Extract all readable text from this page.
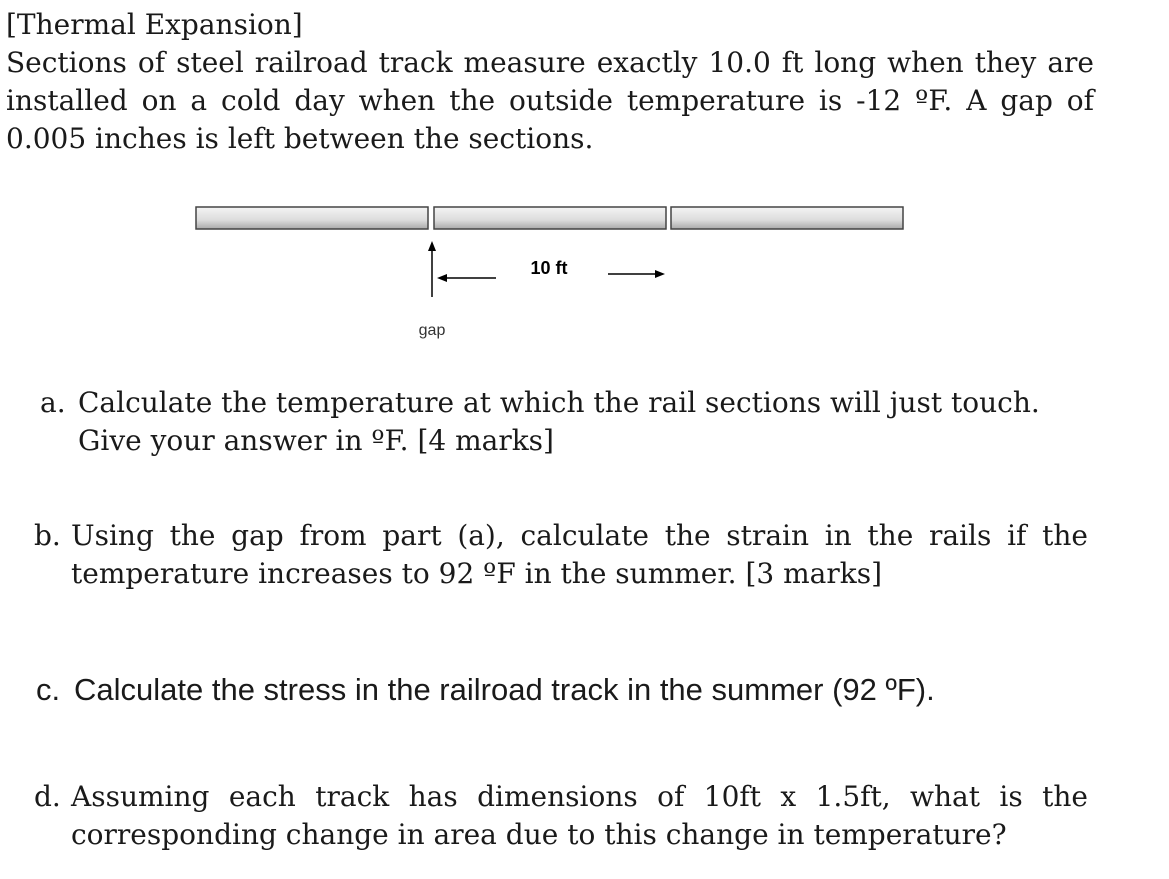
[Thermal Expansion]

Sections of steel railroad track measure exactly 10.0 ft long when they are installed on a cold day when the outside temperature is -12 ºF. A gap of 0.005 inches is left between the sections.

10 ft
gap
a. Calculate the temperature at which the rail sections will just touch.
Give your answer in ºF. [4 marks]
b. Using the gap from part (a), calculate the strain in the rails if the temperature increases to 92 ºF in the summer. [3 marks]
c. Calculate the stress in the railroad track in the summer (92 ºF).
d. Assuming each track has dimensions of 10ft x 1.5ft, what is the corresponding change in area due to this change in temperature?
